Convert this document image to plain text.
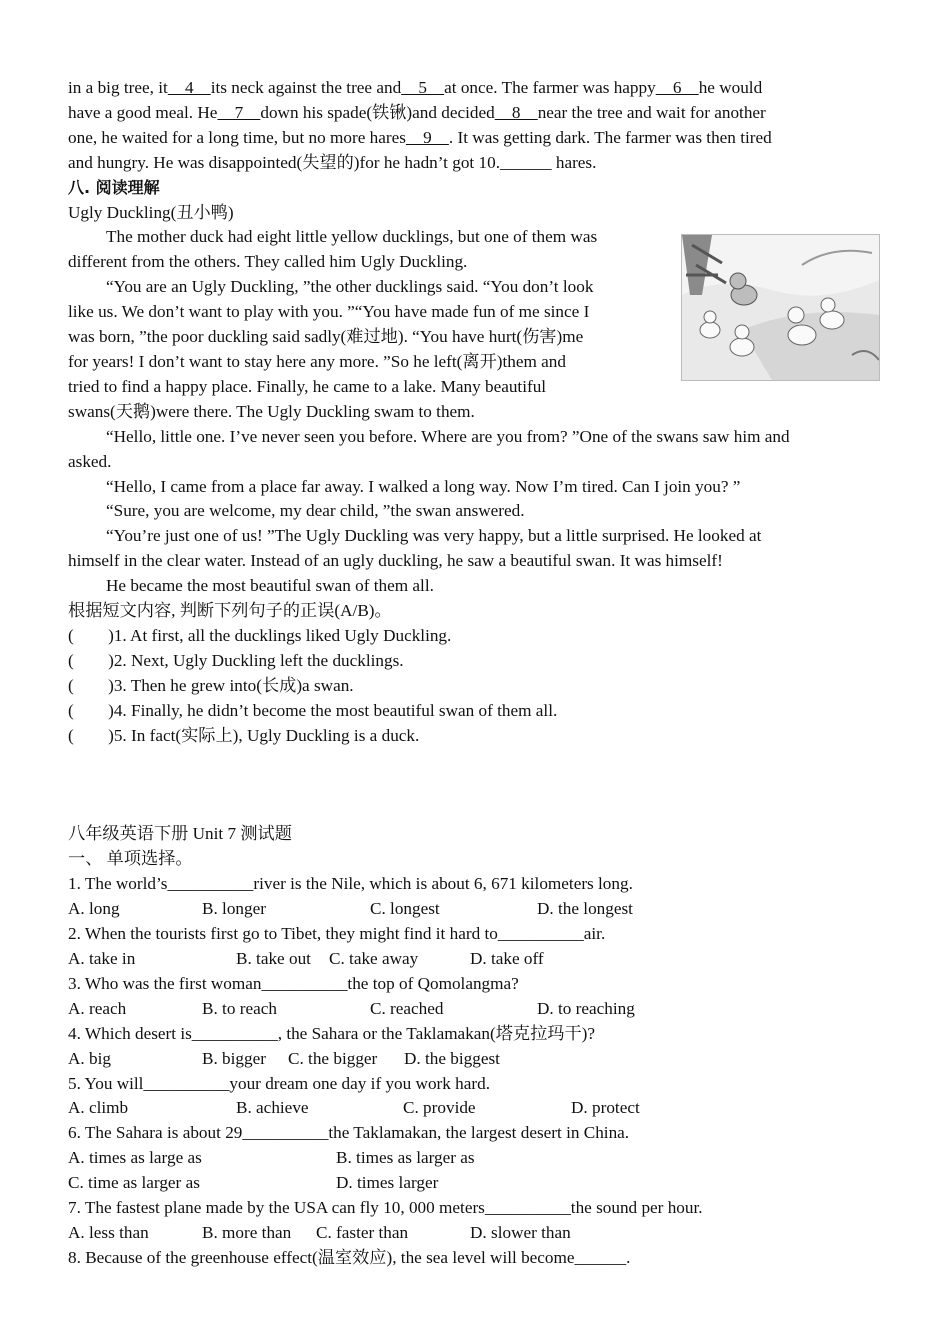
in a big tree, it    4    its neck against the tree and    5    at once. The farmer was happy    6    he would
have a good meal. He    7    down his spade(铁锹)and decided    8    near the tree and wait for another
one, he waited for a long time, but no more hares    9    . It was getting dark. The farmer was then tired
and hungry. He was disappointed(失望的)for he hadn’t got 10.______ hares.
八. 阅读理解
Ugly Duckling(丑小鸭)
The mother duck had eight little yellow ducklings, but one of them was
different from the others. They called him Ugly Duckling.
“You are an Ugly Duckling, ”the other ducklings said. “You don’t look
like us. We don’t want to play with you. ”“You have made fun of me since I
was born, ”the poor duckling said sadly(难过地). “You have hurt(伤害)me
for years! I don’t want to stay here any more. ”So he left(离开)them and
tried to find a happy place. Finally, he came to a lake. Many beautiful
swans(天鹅)were there. The Ugly Duckling swam to them.
“Hello, little one. I’ve never seen you before. Where are you from? ”One of the swans saw him and
asked.
“Hello, I came from a place far away. I walked a long way. Now I’m tired. Can I join you? ”
“Sure, you are welcome, my dear child, ”the swan answered.
“You’re just one of us! ”The Ugly Duckling was very happy, but a little surprised. He looked at
himself in the clear water. Instead of an ugly duckling, he saw a beautiful swan. It was himself!
He became the most beautiful swan of them all.
根据短文内容, 判断下列句子的正误(A/B)。
(        )1. At first, all the ducklings liked Ugly Duckling.
(        )2. Next, Ugly Duckling left the ducklings.
(        )3. Then he grew into(长成)a swan.
(        )4. Finally, he didn’t become the most beautiful swan of them all.
(        )5. In fact(实际上), Ugly Duckling is a duck.
八年级英语下册 Unit 7 测试题
一、 单项选择。
1. The world’s__________river is the Nile, which is about 6, 671 kilometers long.
A. long	B. longer	C. longest	D. the longest
2. When the tourists first go to Tibet, they might find it hard to__________air.
A. take in	B. take out C. take away	D. take off
3. Who was the first woman__________the top of Qomolangma?
A. reach	B. to reach	C. reached	D. to reaching
4. Which desert is__________, the Sahara or the Taklamakan(塔克拉玛干)?
A. big	B. bigger C. the bigger D. the biggest
5. You will__________your dream one day if you work hard.
A. climb	B. achieve	C. provide	D. protect
6. The Sahara is about 29__________the Taklamakan, the largest desert in China.
A. times as large as	B. times as larger as
C. time as larger as	D. times larger
7. The fastest plane made by the USA can fly 10, 000 meters__________the sound per hour.
A. less than	B. more than C. faster than	D. slower than
8. Because of the greenhouse effect(温室效应), the sea level will become______.
